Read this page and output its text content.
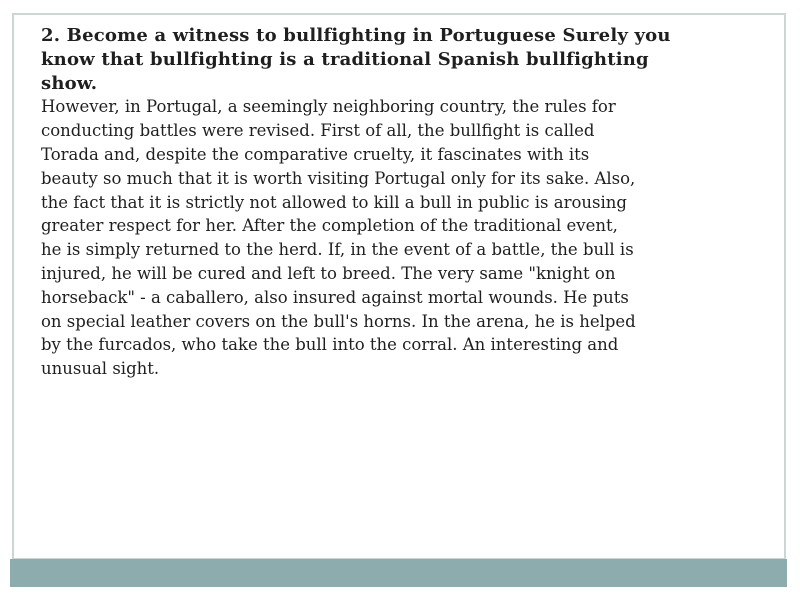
2. Become a witness to bullfighting in Portuguese Surely you
know that bullfighting is a traditional Spanish bullfighting
show.
However, in Portugal, a seemingly neighboring country, the rules for
conducting battles were revised. First of all, the bullfight is called
Torada and, despite the comparative cruelty, it fascinates with its
beauty so much that it is worth visiting Portugal only for its sake. Also,
the fact that it is strictly not allowed to kill a bull in public is arousing
greater respect for her. After the completion of the traditional event,
he is simply returned to the herd. If, in the event of a battle, the bull is
injured, he will be cured and left to breed. The very same "knight on
horseback" - a caballero, also insured against mortal wounds. He puts
on special leather covers on the bull's horns. In the arena, he is helped
by the furcados, who take the bull into the corral. An interesting and
unusual sight.
